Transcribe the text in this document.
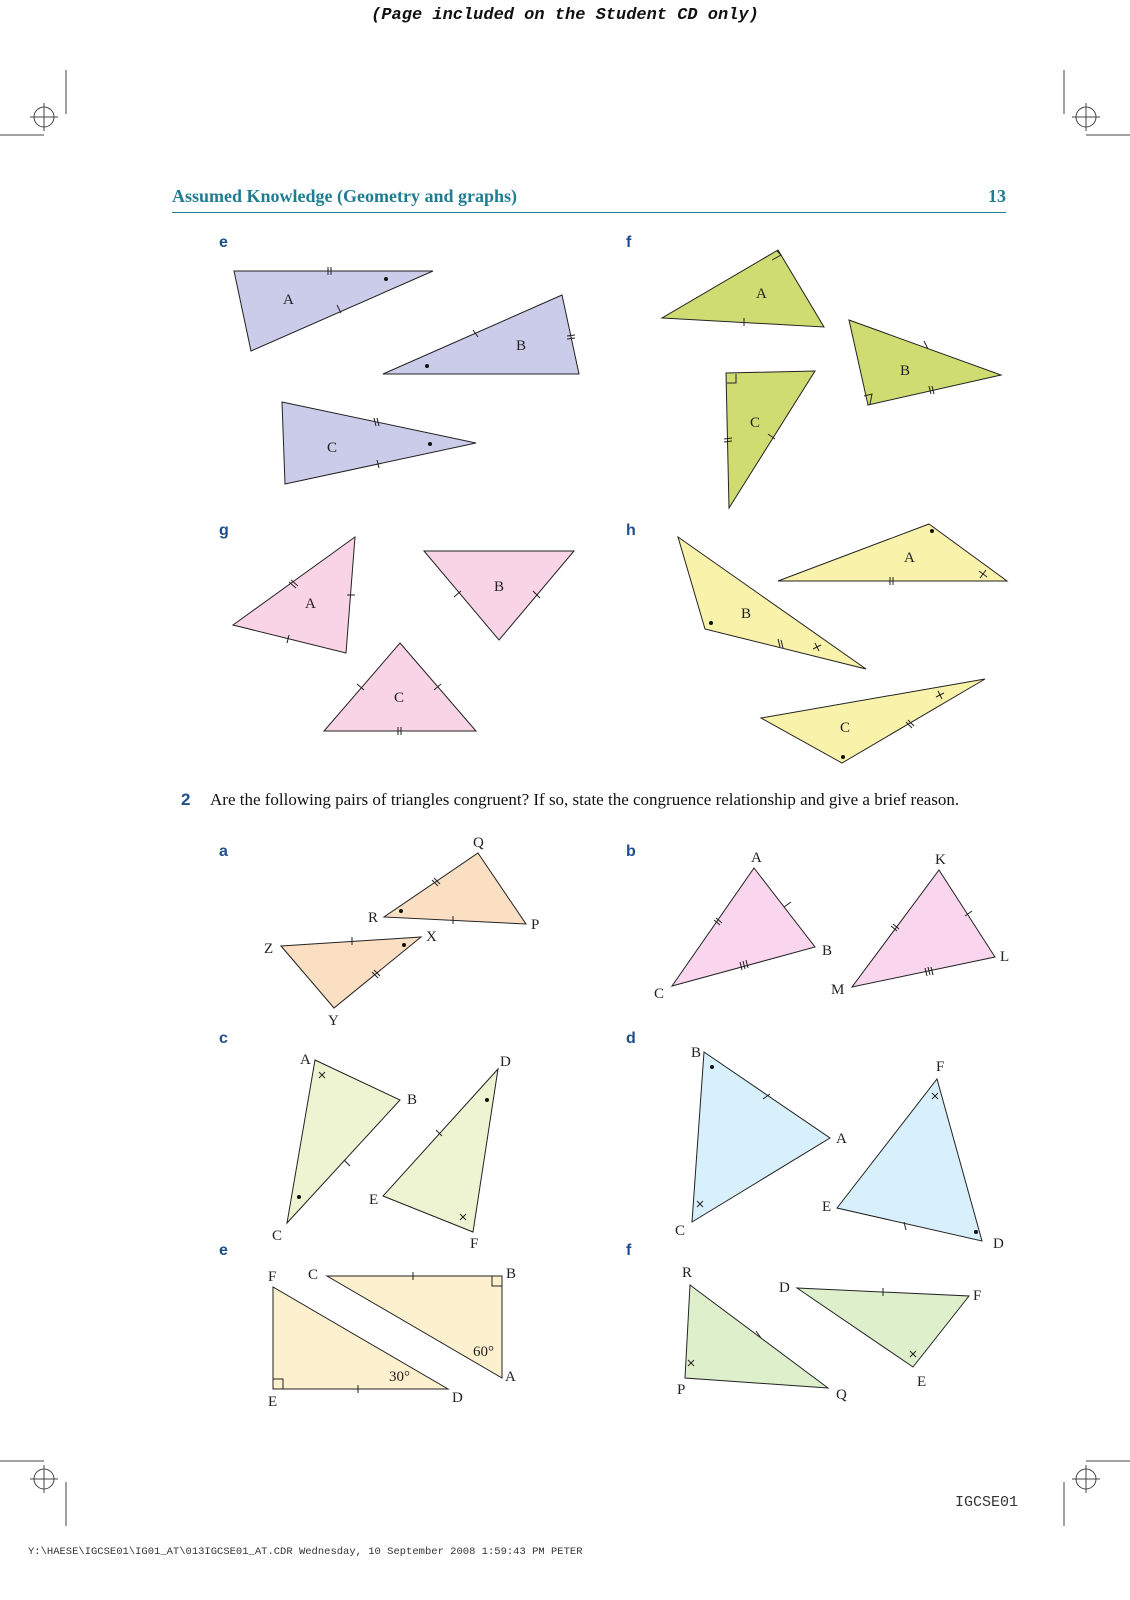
(Page included on the Student CD only)
Assumed Knowledge (Geometry and graphs)	13
e	f
g	h
A
B
C
A
B
C
A
B
C
A
B
C
2 Are the following pairs of triangles congruent? If so, state the congruence relationship and give a brief reason.
a	b
c	d
e	f
Q
R	P
Z
X
Y
A
B
C
K
L
M
A
B
C
D
E
F
B
A
C
F
E
D
F
E	D
C	B
A
30°
60°
R
P	Q
D	F
E
IGCSE01
Y:\HAESE\IGCSE01\IG01_AT\013IGCSE01_AT.CDR Wednesday, 10 September 2008 1:59:43 PM PETER
